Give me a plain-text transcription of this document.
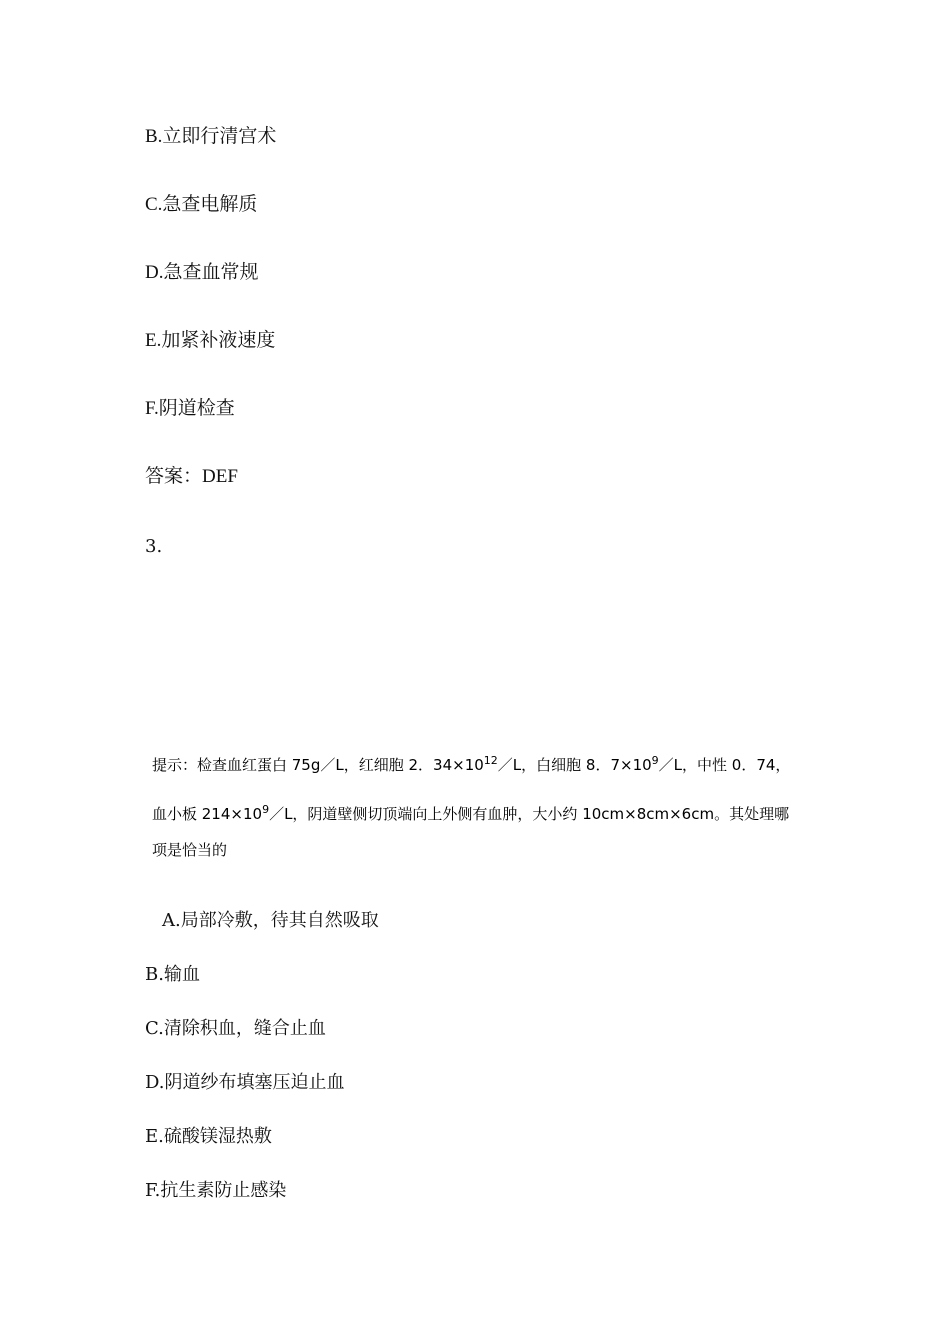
B.立即行清宫术
C.急查电解质
D.急查血常规
E.加紧补液速度
F.阴道检查
答案：DEF
3.
提示：检查血红蛋白 75g／L，红细胞 2．$34\times 10^{12}/L$，白细胞 8．$7\times 10^9/L$，中性 0．74，
血小板 $214\times 10^9/L$，阴道壁侧切顶端向上外侧有血肿，大小约 10cm×8cm×6cm。其处理哪
项是恰当的
A.局部冷敷，待其自然吸取
B.输血
C.清除积血，缝合止血
D.阴道纱布填塞压迫止血
E.硫酸镁湿热敷
F.抗生素防止感染
